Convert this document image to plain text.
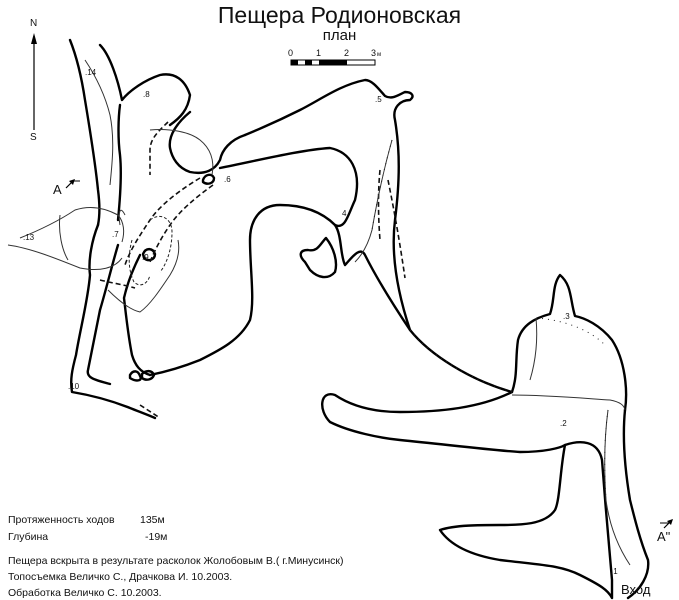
Пещера Родионовская
план
N
S
0	1	2 3 м
A
A"
.1
.2
.3
4.
.5
.6
.7
.8
.9
.10
.13
.14
Вход
Протяженность ходов 135м
Глубина	-19м
Пещера вскрыта в результате расколок Жолобовым В.( г.Минусинск)
Топосъемка Величко С., Драчкова И. 10.2003.
Обработка Величко С. 10.2003.
